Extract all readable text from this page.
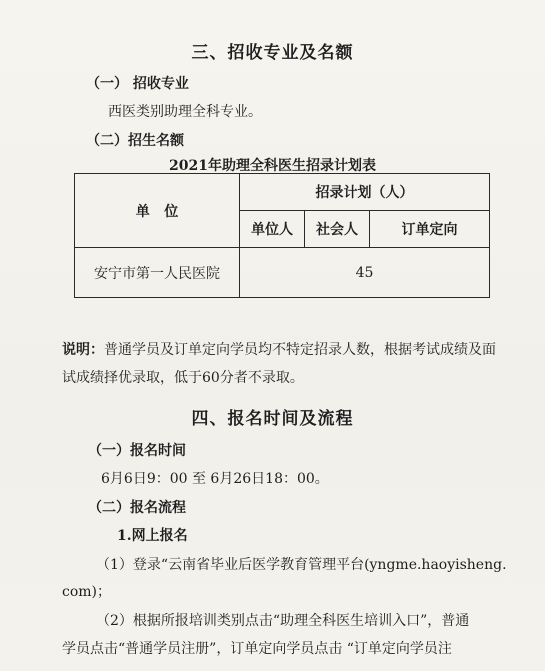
三、招收专业及名额
（一） 招收专业
西医类别助理全科专业。
（二）招生名额
2021年助理全科医生招录计划表
单   位	招录计划（人）		
	单位人	社会人	订单定向
安宁市第一人民医院	45		
说明：普通学员及订单定向学员均不特定招录人数，根据考试成绩及面
试成绩择优录取，低于60分者不录取。
四、报名时间及流程
（一）报名时间
6月6日9：00 至 6月26日18：00。
（二）报名流程
1.网上报名
（1）登录“云南省毕业后医学教育管理平台(yngme.haoyisheng.
com)；
（2）根据所报培训类别点击“助理全科医生培训入口”，普通
学员点击“普通学员注册”，订单定向学员点击 “订单定向学员注
